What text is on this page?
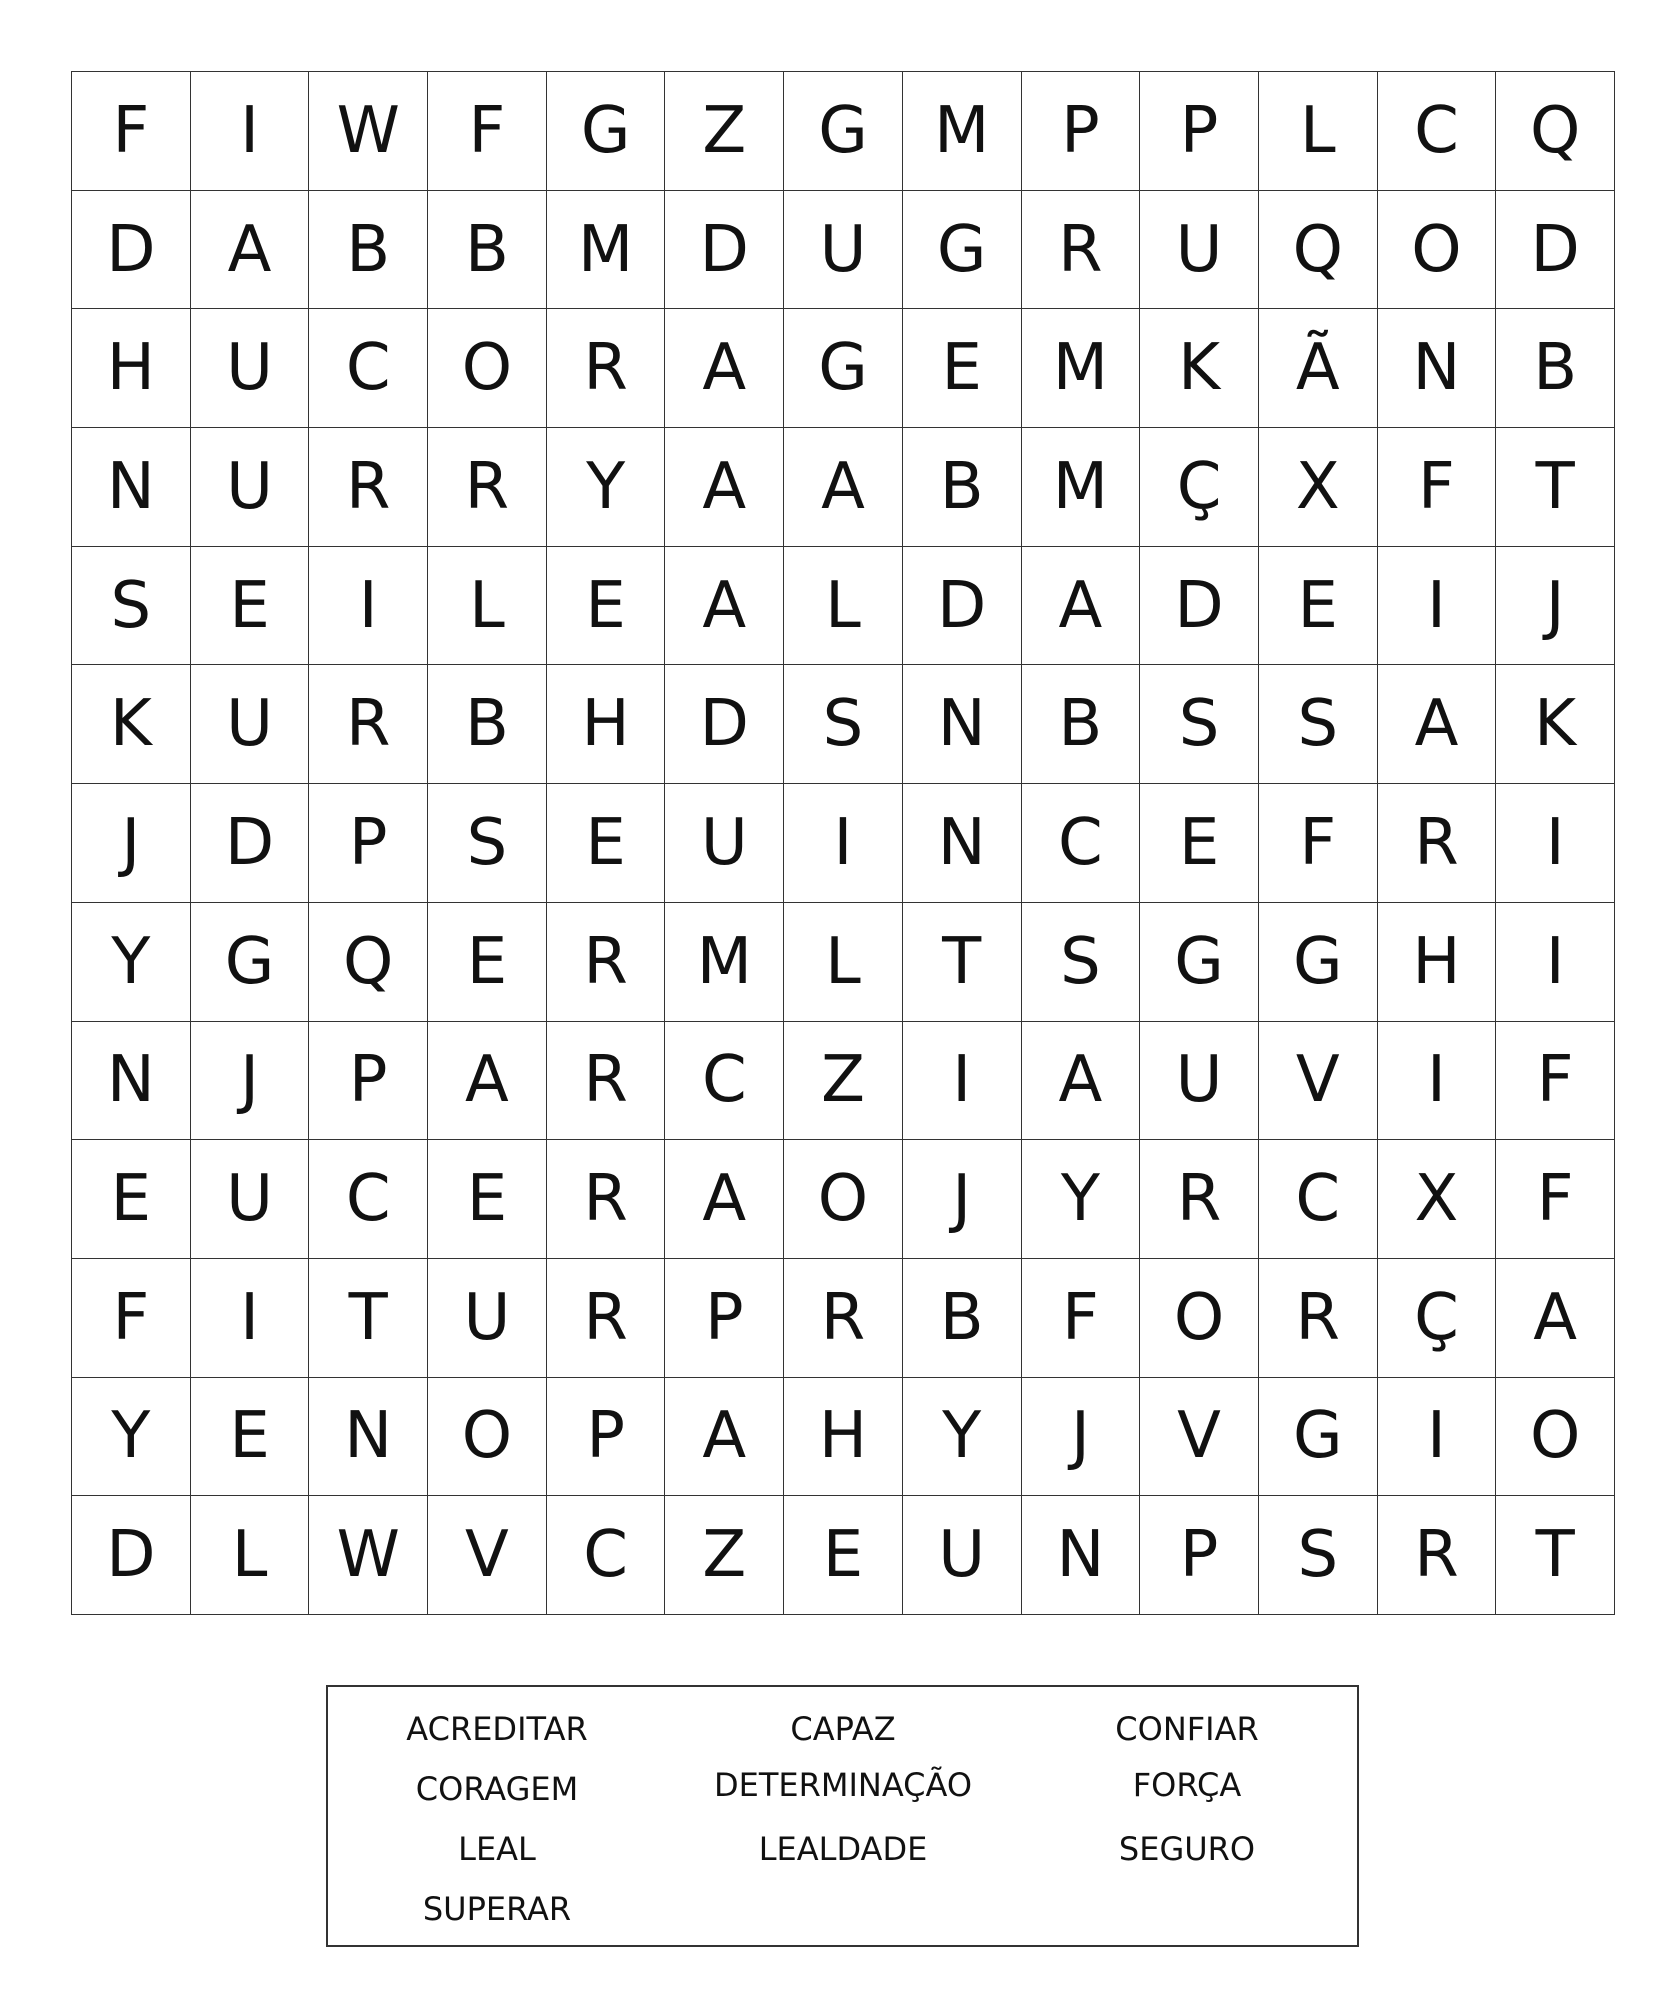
F	I	W	F	G	Z	G	M	P	P	L	C	Q
D	A	B	B	M	D	U	G	R	U	Q	O	D
H	U	C	O	R	A	G	E	M	K	Ã	N	B
N	U	R	R	Y	A	A	B	M	Ç	X	F	T
S	E	I	L	E	A	L	D	A	D	E	I	J
K	U	R	B	H	D	S	N	B	S	S	A	K
J	D	P	S	E	U	I	N	C	E	F	R	I
Y	G	Q	E	R	M	L	T	S	G	G	H	I
N	J	P	A	R	C	Z	I	A	U	V	I	F
E	U	C	E	R	A	O	J	Y	R	C	X	F
F	I	T	U	R	P	R	B	F	O	R	Ç	A
Y	E	N	O	P	A	H	Y	J	V	G	I	O
D	L	W	V	C	Z	E	U	N	P	S	R	T
ACREDITAR	CAPAZ	CONFIAR
CORAGEM	DETERMINAÇÃO	FORÇA
LEAL	LEALDADE	SEGURO
SUPERAR
